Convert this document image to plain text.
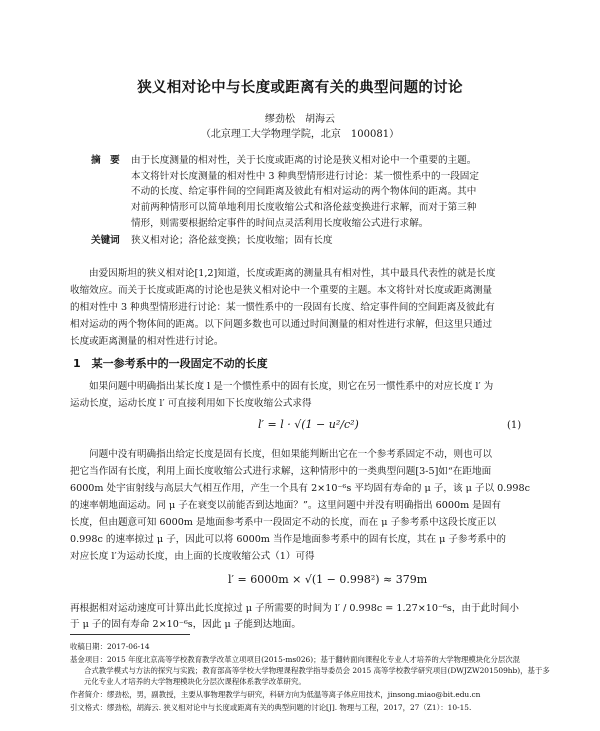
狭义相对论中与长度或距离有关的典型问题的讨论
缪劲松　胡海云
（北京理工大学物理学院，北京　100081）
摘　要	由于长度测量的相对性，关于长度或距离的讨论是狭义相对论中一个重要的主题。
本文将针对长度测量的相对性中 3 种典型情形进行讨论：某一惯性系中的一段固定
不动的长度、给定事件间的空间距离及彼此有相对运动的两个物体间的距离。其中
对前两种情形可以简单地利用长度收缩公式和洛伦兹变换进行求解，而对于第三种
情形，则需要根据给定事件的时间点灵活利用长度收缩公式进行求解。
关键词	狭义相对论；洛伦兹变换；长度收缩；固有长度
由爱因斯坦的狭义相对论[1,2]知道，长度或距离的测量具有相对性，其中最具代表性的就是长度
收缩效应。而关于长度或距离的讨论也是狭义相对论中一个重要的主题。本文将针对长度或距离测量
的相对性中 3 种典型情形进行讨论：某一惯性系中的一段固有长度、给定事件间的空间距离及彼此有
相对运动的两个物体间的距离。以下问题多数也可以通过时间测量的相对性进行求解，但这里只通过
长度或距离测量的相对性进行讨论。
1　某一参考系中的一段固定不动的长度
如果问题中明确指出某长度 l 是一个惯性系中的固有长度，则它在另一惯性系中的对应长度 l′ 为
运动长度，运动长度 l′ 可直接利用如下长度收缩公式求得
l′ = l · √(1 − u²/c²)	(1)
问题中没有明确指出给定长度是固有长度，但如果能判断出它在一个参考系固定不动，则也可以
把它当作固有长度，利用上面长度收缩公式进行求解，这种情形中的一类典型问题[3-5]如“在距地面
6000m 处宇宙射线与高层大气相互作用，产生一个具有 2×10⁻⁶s 平均固有寿命的 μ 子，该 μ 子以 0.998c
的速率朝地面运动。同 μ 子在衰变以前能否到达地面？”。这里问题中并没有明确指出 6000m 是固有
长度，但由题意可知 6000m 是地面参考系中一段固定不动的长度，而在 μ 子参考系中这段长度正以
0.998c 的速率掠过 μ 子，因此可以将 6000m 当作是地面参考系中的固有长度，其在 μ 子参考系中的
对应长度 l′为运动长度，由上面的长度收缩公式（1）可得
l′ = 6000m × √(1 − 0.998²) ≈ 379m
再根据相对运动速度可计算出此长度掠过 μ 子所需要的时间为 l′ / 0.998c = 1.27×10⁻⁶s，由于此时间小
于 μ 子的固有寿命 2×10⁻⁶s，因此 μ 子能到达地面。
收稿日期：2017-06-14
基金项目：2015 年度北京高等学校教育教学改革立项项目(2015-ms026)；基于翻转面向课程化专业人才培养的大学物理模块化分层次混
合式教学模式与方法的探究与实践；教育部高等学校大学物理课程教学指导委员会 2015 高等学校教学研究项目(DWJZW201509hb)，基于多
元化专业人才培养的大学物理模块化分层次课程体系教学改革研究。
作者简介：缪劲松，男，副教授，主要从事物理教学与研究，科研方向为低温等离子体应用技术，jinsong.miao@bit.edu.cn
引文格式：缪劲松，胡海云. 狭义相对论中与长度或距离有关的典型问题的讨论[J]. 物理与工程，2017，27（Z1）：10-15.
